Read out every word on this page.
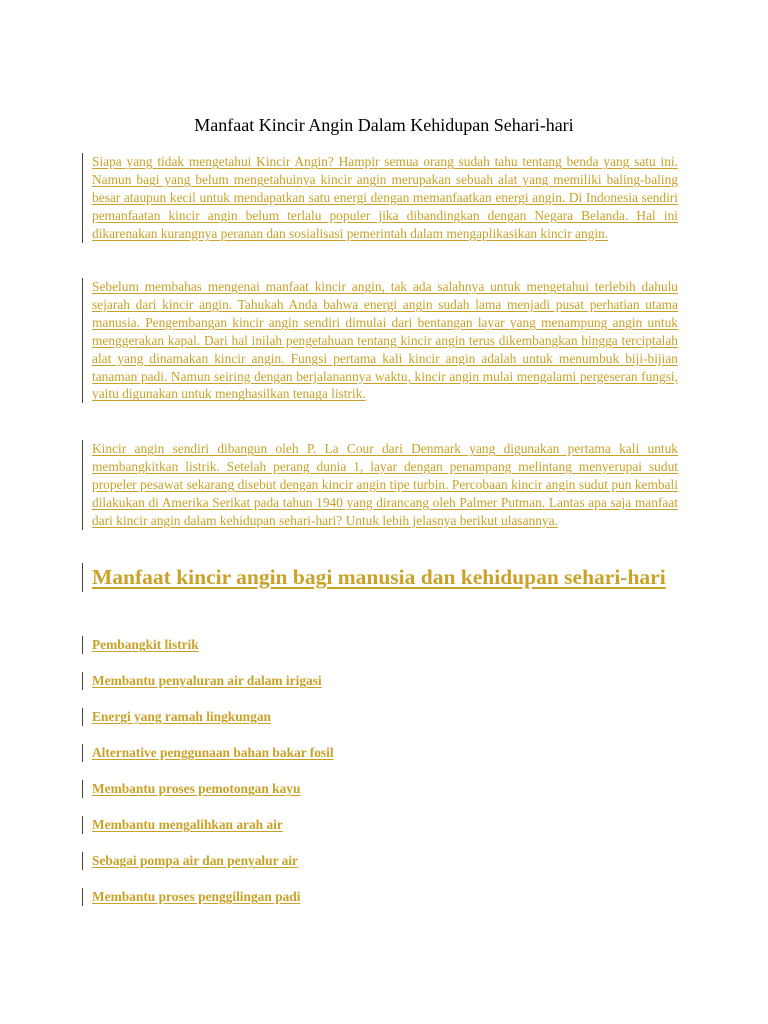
Manfaat Kincir Angin Dalam Kehidupan Sehari-hari

Siapa yang tidak mengetahui Kincir Angin? Hampir semua orang sudah tahu tentang benda yang satu ini. Namun bagi yang belum mengetahuinya kincir angin merupakan sebuah alat yang memiliki baling-baling besar ataupun kecil untuk mendapatkan satu energi dengan memanfaatkan energi angin. Di Indonesia sendiri pemanfaatan kincir angin belum terlalu populer jika dibandingkan dengan Negara Belanda. Hal ini dikarenakan kurangnya peranan dan sosialisasi pemerintah dalam mengaplikasikan kincir angin.

Sebelum membahas mengenai manfaat kincir angin, tak ada salahnya untuk mengetahui terlebih dahulu sejarah dari kincir angin. Tahukah Anda bahwa energi angin sudah lama menjadi pusat perhatian utama manusia. Pengembangan kincir angin sendiri dimulai dari bentangan layar yang menampung angin untuk menggerakan kapal. Dari hal inilah pengetahuan tentang kincir angin terus dikembangkan hingga terciptalah alat yang dinamakan kincir angin. Fungsi pertama kali kincir angin adalah untuk menumbuk biji-bijian tanaman padi. Namun seiring dengan berjalanannya waktu, kincir angin mulai mengalami pergeseran fungsi, yaitu digunakan untuk menghasilkan tenaga listrik.

Kincir angin sendiri dibangun oleh P. La Cour dari Denmark yang digunakan pertama kali untuk membangkitkan listrik. Setelah perang dunia 1, layar dengan penampang melintang menyerupai sudut propeler pesawat sekarang disebut dengan kincir angin tipe turbin. Percobaan kincir angin sudut pun kembali dilakukan di Amerika Serikat pada tahun 1940 yang dirancang oleh Palmer Putman. Lantas apa saja manfaat dari kincir angin dalam kehidupan sehari-hari? Untuk lebih jelasnya berikut ulasannya.

Manfaat kincir angin bagi manusia dan kehidupan sehari-hari

Pembangkit listrik

Membantu penyaluran air dalam irigasi

Energi yang ramah lingkungan

Alternative penggunaan bahan bakar fosil

Membantu proses pemotongan kayu

Membantu mengalihkan arah air

Sebagai pompa air dan penyalur air

Membantu proses penggilingan padi
